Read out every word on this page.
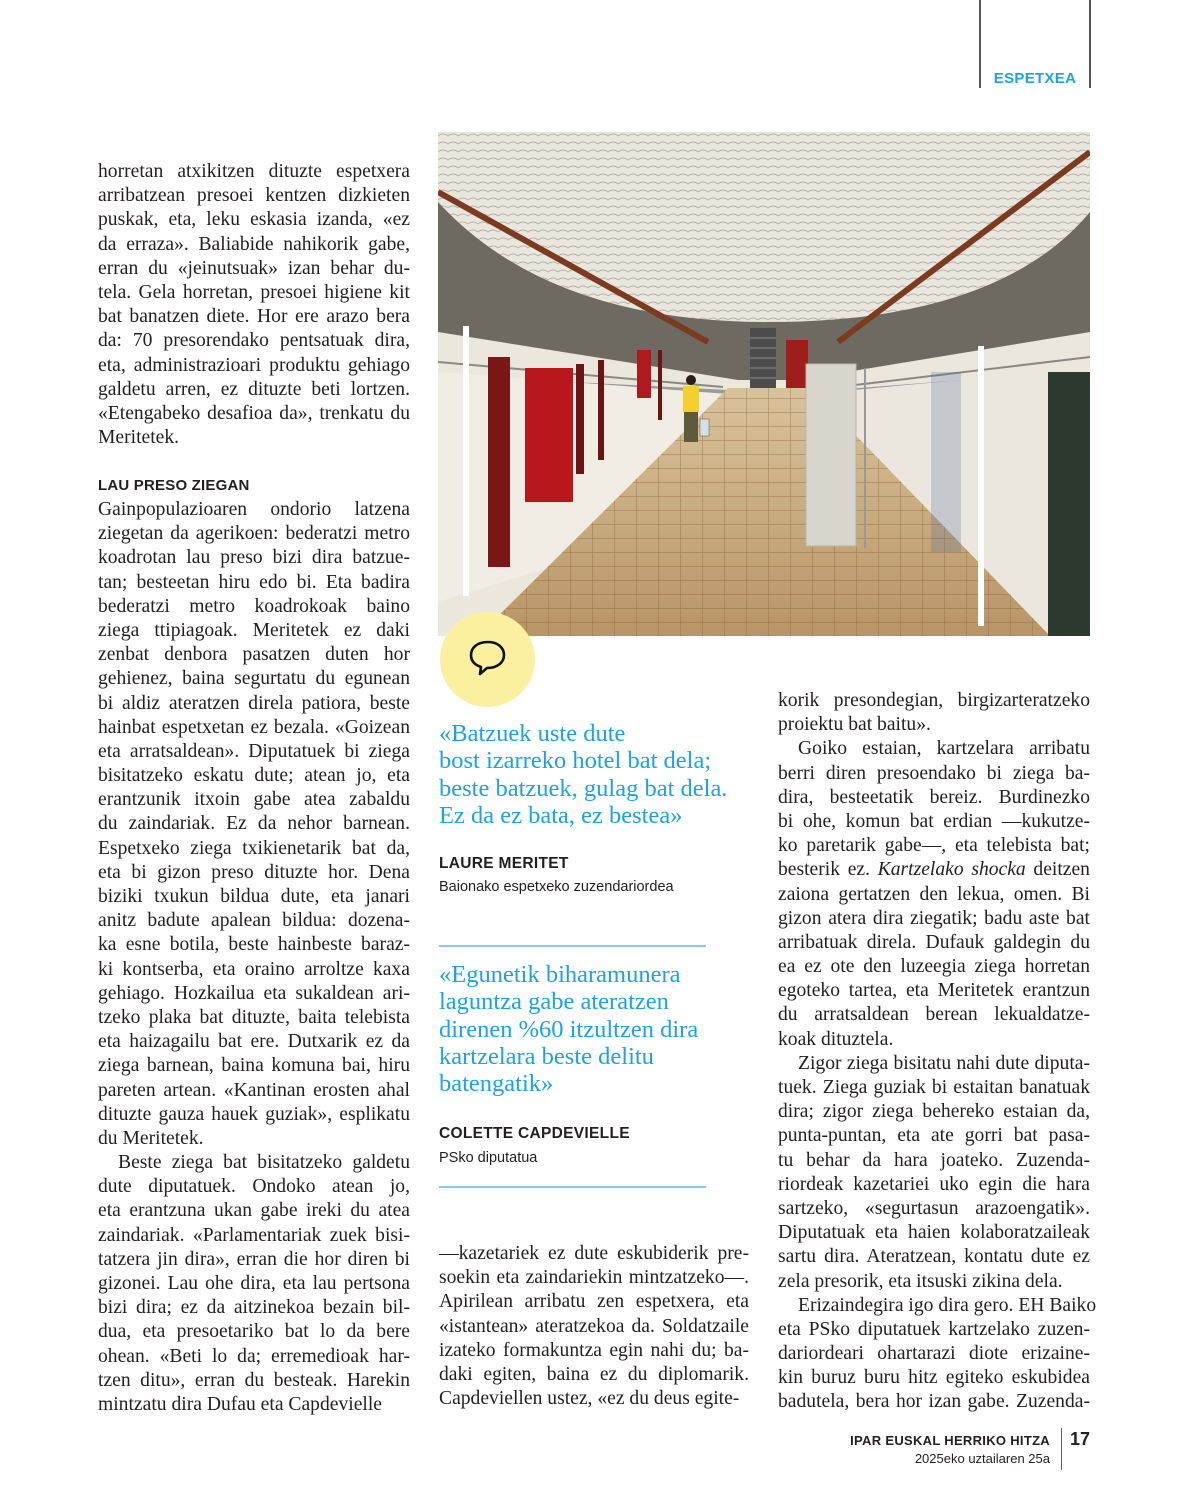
ESPETXEA
horretan atxikitzen dituzte espetxera
arribatzean presoei kentzen dizkieten
puskak, eta, leku eskasia izanda, «ez
da erraza». Baliabide nahikorik gabe,
erran du «jeinutsuak» izan behar du-
tela. Gela horretan, presoei higiene kit
bat banatzen diete. Hor ere arazo bera
da: 70 presorendako pentsatuak dira,
eta, administrazioari produktu gehiago
galdetu arren, ez dituzte beti lortzen.
«Etengabeko desafioa da», trenkatu du
Meritetek.
LAU PRESO ZIEGAN
Gainpopulazioaren ondorio latzena
ziegetan da agerikoen: bederatzi metro
koadrotan lau preso bizi dira batzue-
tan; besteetan hiru edo bi. Eta badira
bederatzi metro koadrokoak baino
ziega ttipiagoak. Meritetek ez daki
zenbat denbora pasatzen duten hor
gehienez, baina segurtatu du egunean
bi aldiz ateratzen direla patiora, beste
hainbat espetxetan ez bezala. «Goizean
eta arratsaldean». Diputatuek bi ziega
bisitatzeko eskatu dute; atean jo, eta
erantzunik itxoin gabe atea zabaldu
du zaindariak. Ez da nehor barnean.
Espetxeko ziega txikienetarik bat da,
eta bi gizon preso dituzte hor. Dena
biziki txukun bildua dute, eta janari
anitz badute apalean bildua: dozena-
ka esne botila, beste hainbeste baraz-
ki kontserba, eta oraino arroltze kaxa
gehiago. Hozkailua eta sukaldean ari-
tzeko plaka bat dituzte, baita telebista
eta haizagailu bat ere. Dutxarik ez da
ziega barnean, baina komuna bai, hiru
pareten artean. «Kantinan erosten ahal
dituzte gauza hauek guziak», esplikatu
du Meritetek.
Beste ziega bat bisitatzeko galdetu
dute diputatuek. Ondoko atean jo,
eta erantzuna ukan gabe ireki du atea
zaindariak. «Parlamentariak zuek bisi-
tatzera jin dira», erran die hor diren bi
gizonei. Lau ohe dira, eta lau pertsona
bizi dira; ez da aitzinekoa bezain bil-
dua, eta presoetariko bat lo da bere
ohean. «Beti lo da; erremedioak har-
tzen ditu», erran du besteak. Harekin
mintzatu dira Dufau eta Capdevielle
«Batzuek uste dute
bost izarreko hotel bat dela;
beste batzuek, gulag bat dela.
Ez da ez bata, ez bestea»
LAURE MERITET
Baionako espetxeko zuzendariordea
«Egunetik biharamunera
laguntza gabe ateratzen
direnen %60 itzultzen dira
kartzelara beste delitu
batengatik»
COLETTE CAPDEVIELLE
PSko diputatua
—kazetariek ez dute eskubiderik pre-
soekin eta zaindariekin mintzatzeko—.
Apirilean arribatu zen espetxera, eta
«istantean» ateratzekoa da. Soldatzaile
izateko formakuntza egin nahi du; ba-
daki egiten, baina ez du diplomarik.
Capdeviellen ustez, «ez du deus egite-
korik presondegian, birgizarteratzeko
proiektu bat baitu».
Goiko estaian, kartzelara arribatu
berri diren presoendako bi ziega ba-
dira, besteetatik bereiz. Burdinezko
bi ohe, komun bat erdian —kukutze-
ko paretarik gabe—, eta telebista bat;
besterik ez. Kartzelako shocka deitzen
zaiona gertatzen den lekua, omen. Bi
gizon atera dira ziegatik; badu aste bat
arribatuak direla. Dufauk galdegin du
ea ez ote den luzeegia ziega horretan
egoteko tartea, eta Meritetek erantzun
du arratsaldean berean lekualdatze-
koak dituztela.
Zigor ziega bisitatu nahi dute diputa-
tuek. Ziega guziak bi estaitan banatuak
dira; zigor ziega behereko estaian da,
punta-puntan, eta ate gorri bat pasa-
tu behar da hara joateko. Zuzenda-
riordeak kazetariei uko egin die hara
sartzeko, «segurtasun arazoengatik».
Diputatuak eta haien kolaboratzaileak
sartu dira. Ateratzean, kontatu dute ez
zela presorik, eta itsuski zikina dela.
Erizaindegira igo dira gero. EH Baiko
eta PSko diputatuek kartzelako zuzen-
dariordeari ohartarazi diote erizaine-
kin buruz buru hitz egiteko eskubidea
badutela, bera hor izan gabe. Zuzenda-
IPAR EUSKAL HERRIKO HITZA
2025eko uztailaren 25a
17
